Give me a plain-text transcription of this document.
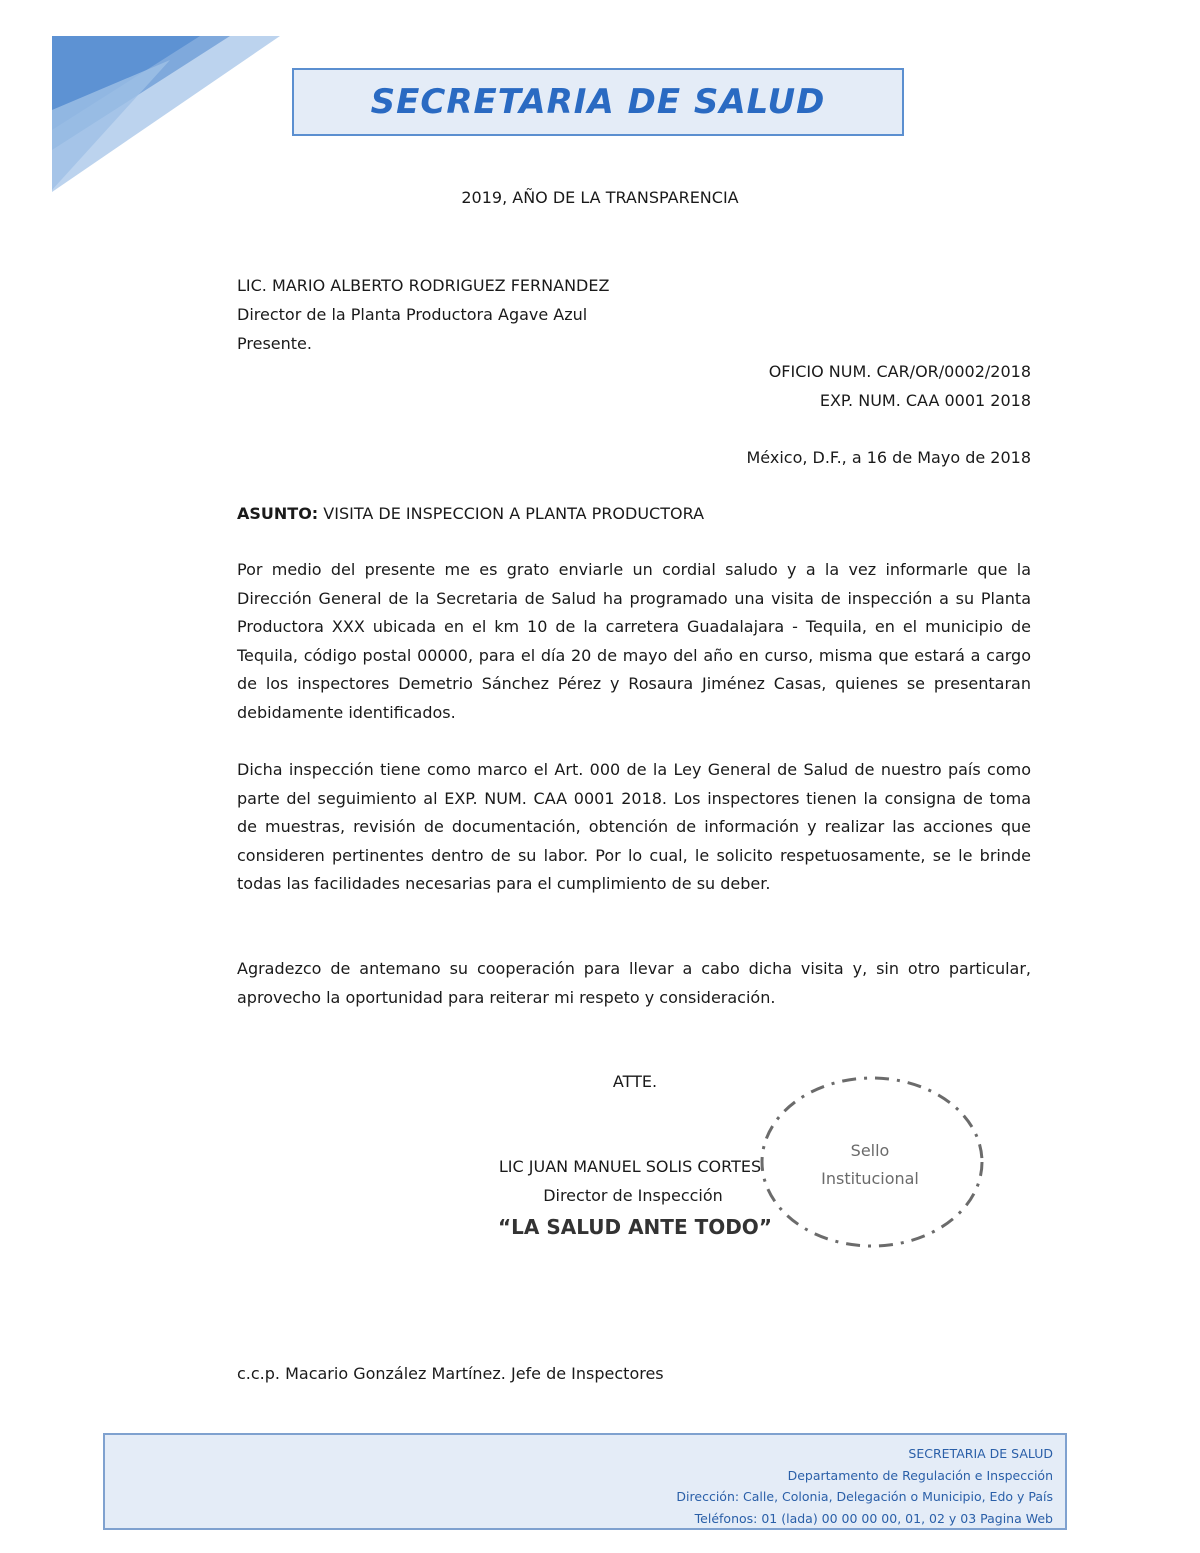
SECRETARIA DE SALUD
2019, AÑO DE LA TRANSPARENCIA
LIC. MARIO ALBERTO RODRIGUEZ FERNANDEZ
Director de la Planta Productora Agave Azul
Presente.
OFICIO NUM. CAR/OR/0002/2018
EXP. NUM. CAA 0001 2018
México, D.F., a 16 de Mayo de 2018
ASUNTO: VISITA DE INSPECCION A PLANTA PRODUCTORA

Por medio del presente me es grato enviarle un cordial saludo y a la vez informarle que la Dirección General de la Secretaria de Salud ha programado una visita de inspección a su Planta Productora XXX ubicada en el km 10 de la carretera Guadalajara - Tequila, en el municipio de Tequila, código postal 00000, para el día 20 de mayo del año en curso, misma que estará a cargo de los inspectores Demetrio Sánchez Pérez y Rosaura Jiménez Casas, quienes se presentaran debidamente identificados.

Dicha inspección tiene como marco el Art. 000 de la Ley General de Salud de nuestro país como parte del seguimiento al EXP. NUM. CAA 0001 2018. Los inspectores tienen la consigna de toma de muestras, revisión de documentación, obtención de información y realizar las acciones que consideren pertinentes dentro de su labor. Por lo cual, le solicito respetuosamente, se le brinde todas las facilidades necesarias para el cumplimiento de su deber.

Agradezco de antemano su cooperación para llevar a cabo dicha visita y, sin otro particular, aprovecho la oportunidad para reiterar mi respeto y consideración.

ATTE.
LIC JUAN MANUEL SOLIS CORTES
Director de Inspección
“LA SALUD ANTE TODO”
Sello
Institucional
c.c.p. Macario González Martínez. Jefe de Inspectores
SECRETARIA DE SALUD
Departamento de Regulación e Inspección
Dirección: Calle, Colonia, Delegación o Municipio, Edo y País
Teléfonos: 01 (lada) 00 00 00 00, 01, 02 y 03 Pagina Web
